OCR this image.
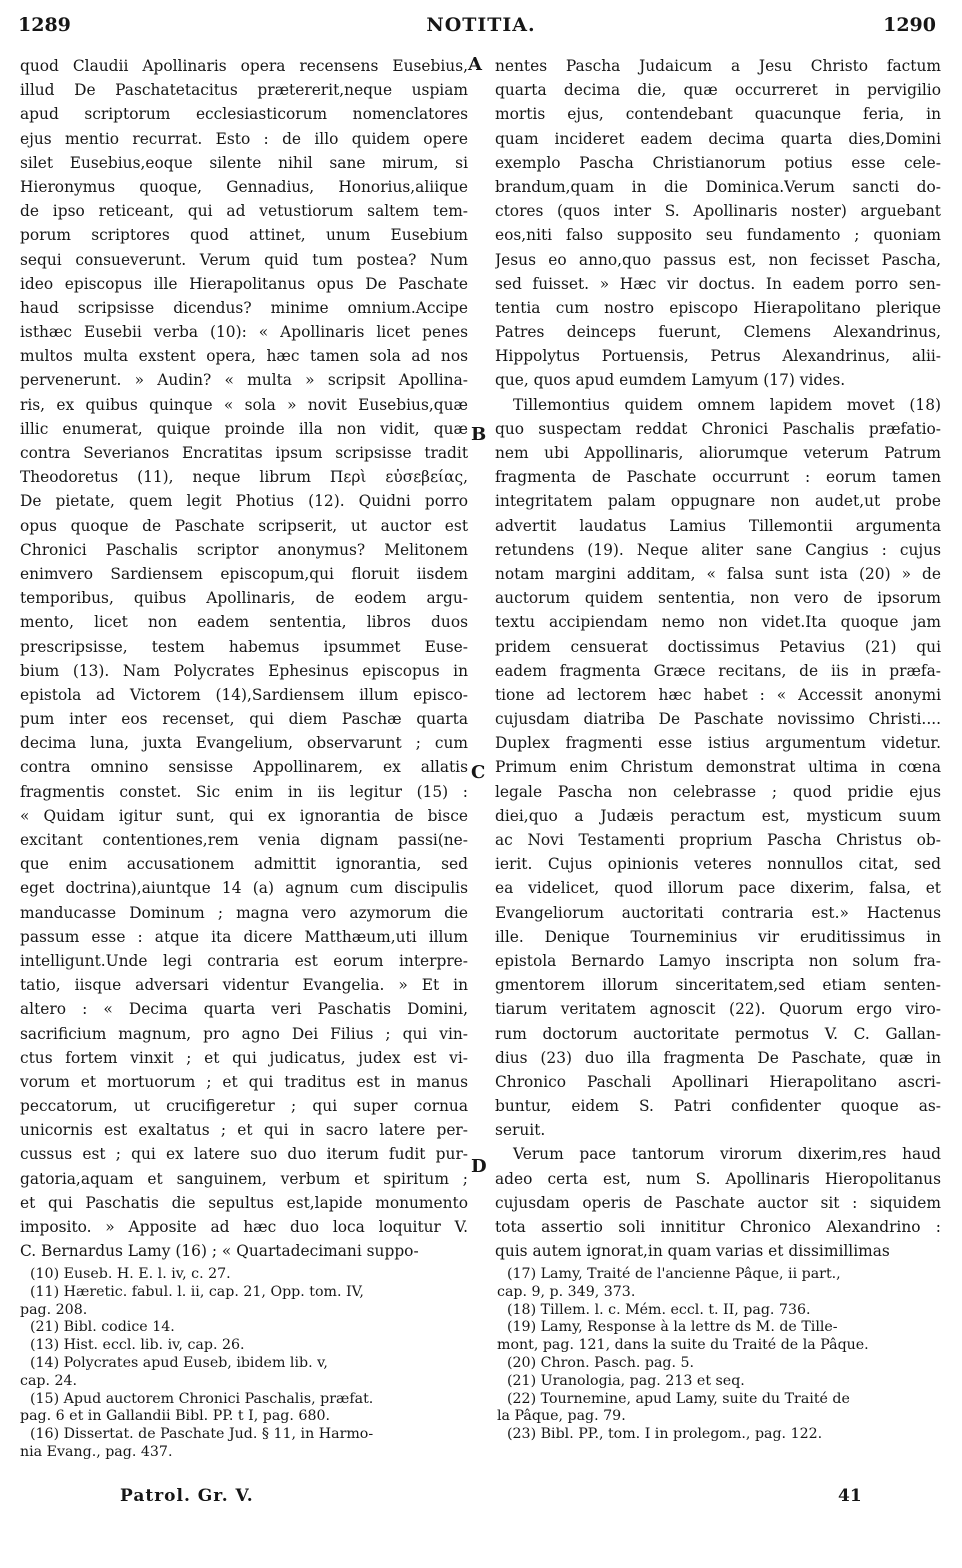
1289	NOTITIA.	1290
A
B
C
D
quod Claudii Apollinaris opera recensens Eusebius,
illud De Paschatetacitus prætererit,neque uspiam
apud scriptorum ecclesiasticorum nomenclatores
ejus mentio recurrat. Esto : de illo quidem opere
silet Eusebius,eoque silente nihil sane mirum, si
Hieronymus quoque, Gennadius, Honorius,aliique
de ipso reticeant, qui ad vetustiorum saltem tem-
porum scriptores quod attinet, unum Eusebium
sequi consueverunt. Verum quid tum postea? Num
ideo episcopus ille Hierapolitanus opus De Paschate
haud scripsisse dicendus? minime omnium.Accipe
isthæc Eusebii verba (10): « Apollinaris licet penes
multos multa exstent opera, hæc tamen sola ad nos
pervenerunt. » Audin? « multa » scripsit Apollina-
ris, ex quibus quinque « sola » novit Eusebius,quæ
illic enumerat, quique proinde illa non vidit, quæ
contra Severianos Encratitas ipsum scripsisse tradit
Theodoretus (11), neque librum Περὶ εὐσεβείας,
De pietate, quem legit Photius (12). Quidni porro
opus quoque de Paschate scripserit, ut auctor est
Chronici Paschalis scriptor anonymus? Melitonem
enimvero Sardiensem episcopum,qui floruit iisdem
temporibus, quibus Apollinaris, de eodem argu-
mento, licet non eadem sententia, libros duos
prescripsisse, testem habemus ipsummet Euse-
bium (13). Nam Polycrates Ephesinus episcopus in
epistola ad Victorem (14),Sardiensem illum episco-
pum inter eos recenset, qui diem Paschæ quarta
decima luna, juxta Evangelium, observarunt ; cum
contra omnino sensisse Appollinarem, ex allatis
fragmentis constet. Sic enim in iis legitur (15) :
« Quidam igitur sunt, qui ex ignorantia de bisce
excitant contentiones,rem venia dignam passi(ne-
que enim accusationem admittit ignorantia, sed
eget doctrina),aiuntque 14 (a) agnum cum discipulis
manducasse Dominum ; magna vero azymorum die
passum esse : atque ita dicere Matthæum,uti illum
intelligunt.Unde legi contraria est eorum interpre-
tatio, iisque adversari videntur Evangelia. » Et in
altero : « Decima quarta veri Paschatis Domini,
sacrificium magnum, pro agno Dei Filius ; qui vin-
ctus fortem vinxit ; et qui judicatus, judex est vi-
vorum et mortuorum ; et qui traditus est in manus
peccatorum, ut crucifigeretur ; qui super cornua
unicornis est exaltatus ; et qui in sacro latere per-
cussus est ; qui ex latere suo duo iterum fudit pur-
gatoria,aquam et sanguinem, verbum et spiritum ;
et qui Paschatis die sepultus est,lapide monumento
imposito. » Apposite ad hæc duo loca loquitur V.
C. Bernardus Lamy (16) ; « Quartadecimani suppo-
nentes Pascha Judaicum a Jesu Christo factum
quarta decima die, quæ occurreret in pervigilio
mortis ejus, contendebant quacunque feria, in
quam incideret eadem decima quarta dies,Domini
exemplo Pascha Christianorum potius esse cele-
brandum,quam in die Dominica.Verum sancti do-
ctores (quos inter S. Apollinaris noster) arguebant
eos,niti falso supposito seu fundamento ; quoniam
Jesus eo anno,quo passus est, non fecisset Pascha,
sed fuisset. » Hæc vir doctus. In eadem porro sen-
tentia cum nostro episcopo Hierapolitano plerique
Patres deinceps fuerunt, Clemens Alexandrinus,
Hippolytus Portuensis, Petrus Alexandrinus, alii-
que, quos apud eumdem Lamyum (17) vides.
Tillemontius quidem omnem lapidem movet (18)
quo suspectam reddat Chronici Paschalis præfatio-
nem ubi Appollinaris, aliorumque veterum Patrum
fragmenta de Paschate occurrunt : eorum tamen
integritatem palam oppugnare non audet,ut probe
advertit laudatus Lamius Tillemontii argumenta
retundens (19). Neque aliter sane Cangius : cujus
notam margini additam, « falsa sunt ista (20) » de
auctorum quidem sententia, non vero de ipsorum
textu accipiendam nemo non videt.Ita quoque jam
pridem censuerat doctissimus Petavius (21) qui
eadem fragmenta Græce recitans, de iis in præfa-
tione ad lectorem hæc habet : « Accessit anonymi
cujusdam diatriba De Paschate novissimo Christi....
Duplex fragmenti esse istius argumentum videtur.
Primum enim Christum demonstrat ultima in cœna
legale Pascha non celebrasse ; quod pridie ejus
diei,quo a Judæis peractum est, mysticum suum
ac Novi Testamenti proprium Pascha Christus ob-
ierit. Cujus opinionis veteres nonnullos citat, sed
ea videlicet, quod illorum pace dixerim, falsa, et
Evangeliorum auctoritati contraria est.» Hactenus
ille. Denique Tourneminius vir eruditissimus in
epistola Bernardo Lamyo inscripta non solum fra-
gmentorem illorum sinceritatem,sed etiam senten-
tiarum veritatem agnoscit (22). Quorum ergo viro-
rum doctorum auctoritate permotus V. C. Gallan-
dius (23) duo illa fragmenta De Paschate, quæ in
Chronico Paschali Apollinari Hierapolitano ascri-
buntur, eidem S. Patri confidenter quoque as-
seruit.
Verum pace tantorum virorum dixerim,res haud
adeo certa est, num S. Apollinaris Hieropolitanus
cujusdam operis de Paschate auctor sit : siquidem
tota assertio soli innititur Chronico Alexandrino :
quis autem ignorat,in quam varias et dissimillimas
(10) Euseb. H. E. l. iv, c. 27.
(11) Hæretic. fabul. l. ii, cap. 21, Opp. tom. IV,
pag. 208.
(21) Bibl. codice 14.
(13) Hist. eccl. lib. iv, cap. 26.
(14) Polycrates apud Euseb, ibidem lib. v,
cap. 24.
(15) Apud auctorem Chronici Paschalis, præfat.
pag. 6 et in Gallandii Bibl. PP. t I, pag. 680.
(16) Dissertat. de Paschate Jud. § 11, in Harmo-
nia Evang., pag. 437.
(17) Lamy, Traité de l'ancienne Pâque, ii part.,
cap. 9, p. 349, 373.
(18) Tillem. l. c. Mém. eccl. t. II, pag. 736.
(19) Lamy, Response à la lettre ds M. de Tille-
mont, pag. 121, dans la suite du Traité de la Pâque.
(20) Chron. Pasch. pag. 5.
(21) Uranologia, pag. 213 et seq.
(22) Tourneminе, apud Lamy, suite du Traité de
la Pâque, pag. 79.
(23) Bibl. PP., tom. I in prolegom., pag. 122.
Patrol. Gr. V.	41
